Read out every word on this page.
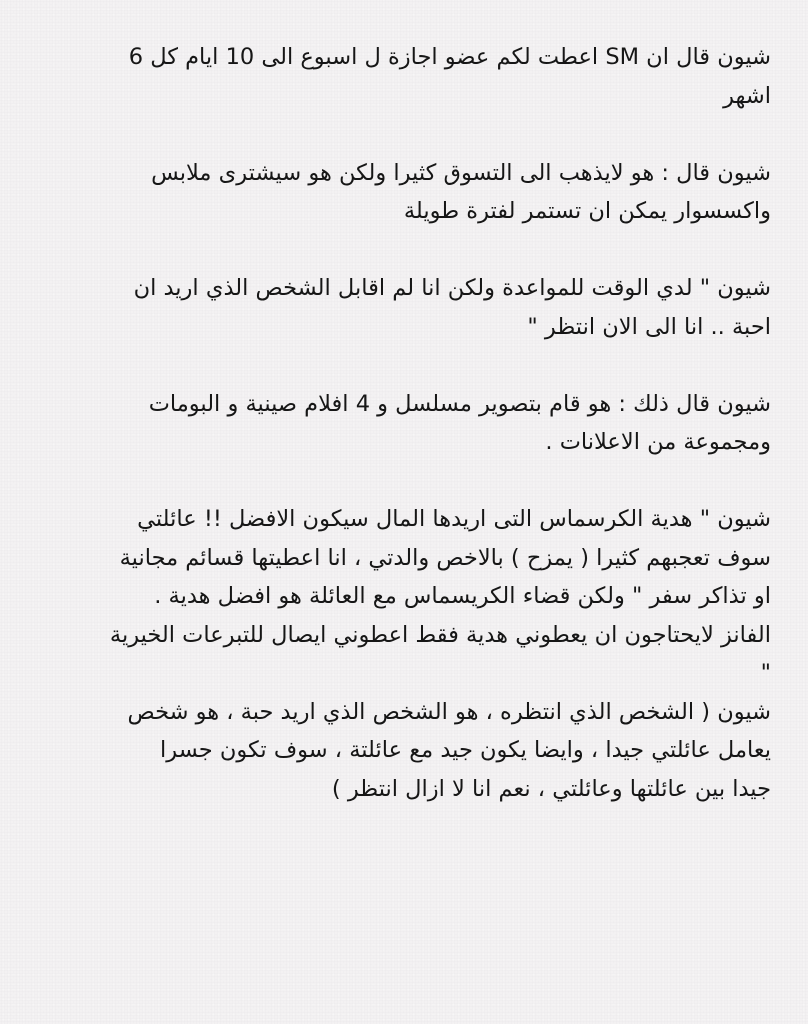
شيون قال ان SM اعطت لكم عضو اجازة ل اسبوع الى 10 ايام كل 6
اشهر
شيون قال : هو لايذهب الى التسوق كثيرا ولكن هو سيشترى ملابس
واكسسوار يمكن ان تستمر لفترة طويلة
شيون " لدي الوقت للمواعدة ولكن انا لم اقابل الشخص الذي اريد ان
احبة .. انا الى الان انتظر "
شيون قال ذلك : هو قام بتصوير مسلسل و 4 افلام صينية و البومات
ومجموعة من الاعلانات .
شيون " هدية الكرسماس التى اريدها المال سيكون الافضل !! عائلتي
سوف تعجبهم كثيرا ( يمزح ) بالاخص والدتي ، انا اعطيتها قسائم مجانية
او تذاكر سفر " ولكن قضاء الكريسماس مع العائلة هو افضل هدية .
الفانز لايحتاجون ان يعطوني هدية فقط اعطوني ايصال للتبرعات الخيرية
"
شيون ( الشخص الذي انتظره ، هو الشخص الذي اريد حبة ، هو شخص
يعامل عائلتي جيدا ، وايضا يكون جيد مع عائلتة ، سوف تكون جسرا
جيدا بين عائلتها وعائلتي ، نعم انا لا ازال انتظر )
